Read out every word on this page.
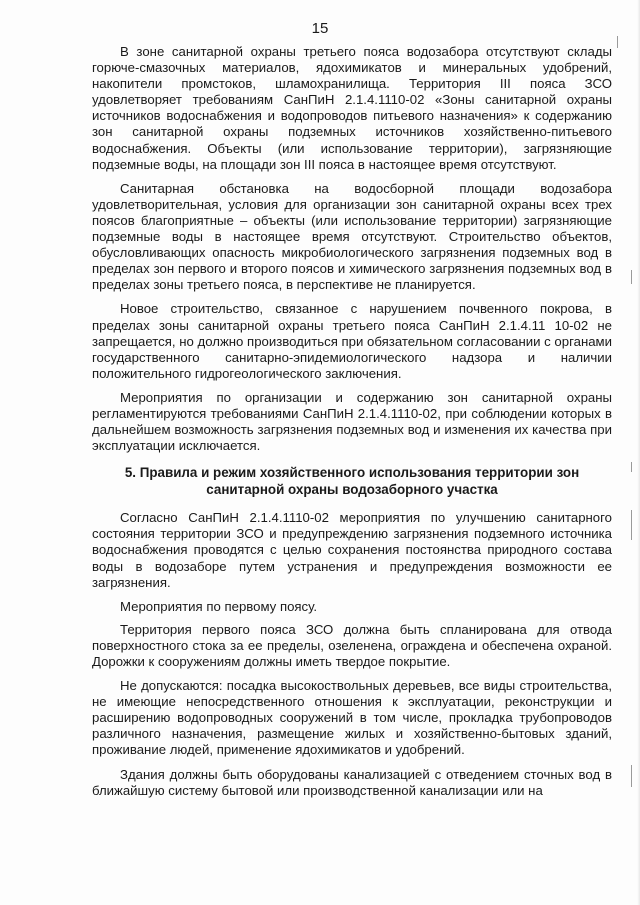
15

В зоне санитарной охраны третьего пояса водозабора отсутствуют склады горюче-смазочных материалов, ядохимикатов и минеральных удобрений, накопители промстоков, шламохранилища. Территория III пояса ЗСО удовлетворяет требованиям СанПиН 2.1.4.1110-02 «Зоны санитарной охраны источников водоснабжения и водопроводов питьевого назначения» к содержанию зон санитарной охраны подземных источников хозяйственно-питьевого водоснабжения. Объекты (или использование территории), загрязняющие подземные воды, на площади зон III пояса в настоящее время отсутствуют.

Санитарная обстановка на водосборной площади водозабора удовлетворительная, условия для организации зон санитарной охраны всех трех поясов благоприятные – объекты (или использование территории) загрязняющие подземные воды в настоящее время отсутствуют. Строительство объектов, обусловливающих опасность микробиологического загрязнения подземных вод в пределах зон первого и второго поясов и химического загрязнения подземных вод в пределах зоны третьего пояса, в перспективе не планируется.

Новое строительство, связанное с нарушением почвенного покрова, в пределах зоны санитарной охраны третьего пояса СанПиН 2.1.4.11 10-02 не запрещается, но должно производиться при обязательном согласовании с органами государственного санитарно-эпидемиологического надзора и наличии положительного гидрогеологического заключения.

Мероприятия по организации и содержанию зон санитарной охраны регламентируются требованиями СанПиН 2.1.4.1110-02, при соблюдении которых в дальнейшем возможность загрязнения подземных вод и изменения их качества при эксплуатации исключается.

5. Правила и режим хозяйственного использования территории зон санитарной охраны водозаборного участка

Согласно СанПиН 2.1.4.1110-02 мероприятия по улучшению санитарного состояния территории ЗСО и предупреждению загрязнения подземного источника водоснабжения проводятся с целью сохранения постоянства природного состава воды в водозаборе путем устранения и предупреждения возможности ее загрязнения.

Мероприятия по первому поясу.

Территория первого пояса ЗСО должна быть спланирована для отвода поверхностного стока за ее пределы, озеленена, ограждена и обеспечена охраной. Дорожки к сооружениям должны иметь твердое покрытие.

Не допускаются: посадка высокоствольных деревьев, все виды строительства, не имеющие непосредственного отношения к эксплуатации, реконструкции и расширению водопроводных сооружений в том числе, прокладка трубопроводов различного назначения, размещение жилых и хозяйственно-бытовых зданий, проживание людей, применение ядохимикатов и удобрений.

Здания должны быть оборудованы канализацией с отведением сточных вод в ближайшую систему бытовой или производственной канализации или на
